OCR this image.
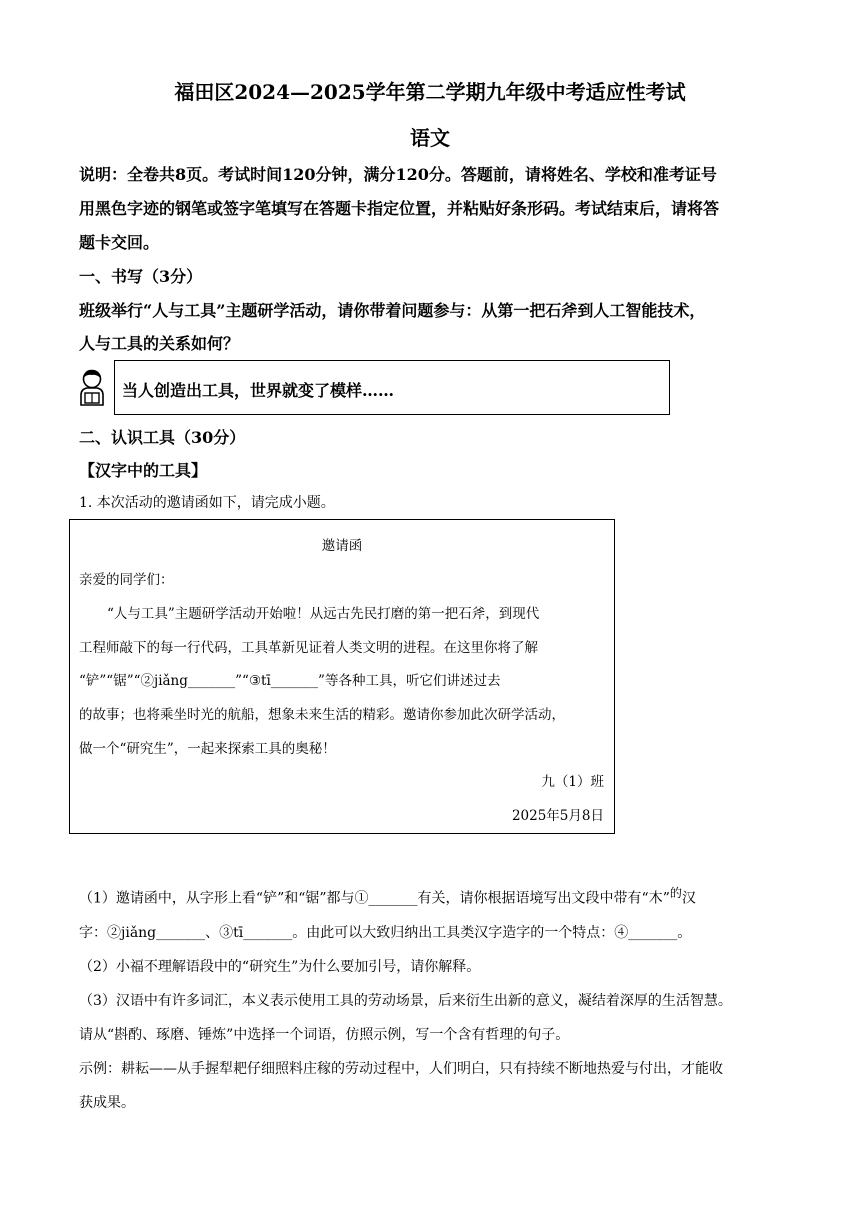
福田区2024—2025学年第二学期九年级中考适应性考试
语文
说明：全卷共8页。考试时间120分钟，满分120分。答题前，请将姓名、学校和准考证号
用黑色字迹的钢笔或签字笔填写在答题卡指定位置，并粘贴好条形码。考试结束后，请将答
题卡交回。
一、书写（3分）
班级举行“人与工具”主题研学活动，请你带着问题参与：从第一把石斧到人工智能技术，
人与工具的关系如何？
当人创造出工具，世界就变了模样……
二、认识工具（30分）
【汉字中的工具】
1. 本次活动的邀请函如下，请完成小题。
邀请函
亲爱的同学们：
“人与工具”主题研学活动开始啦！从远古先民打磨的第一把石斧，到现代
工程师敲下的每一行代码，工具革新见证着人类文明的进程。在这里你将了解
“铲”“锯”“②jiǎng_______”“③tī_______”等各种工具，听它们讲述过去
的故事；也将乘坐时光的航船，想象未来生活的精彩。邀请你参加此次研学活动，
做一个“研究生”，一起来探索工具的奥秘！
九（1）班
2025年5月8日
（1）邀请函中，从字形上看“铲”和“锯”都与①_______有关，请你根据语境写出文段中带有“木”$^的$汉
字：②jiǎng_______、③tī_______。由此可以大致归纳出工具类汉字造字的一个特点：④_______。
（2）小福不理解语段中的“研究生”为什么要加引号，请你解释。
（3）汉语中有许多词汇，本义表示使用工具的劳动场景，后来衍生出新的意义，凝结着深厚的生活智慧。
请从“斟酌、琢磨、锤炼”中选择一个词语，仿照示例，写一个含有哲理的句子。
示例：耕耘——从手握犁耙仔细照料庄稼的劳动过程中，人们明白，只有持续不断地热爱与付出，才能收
获成果。
